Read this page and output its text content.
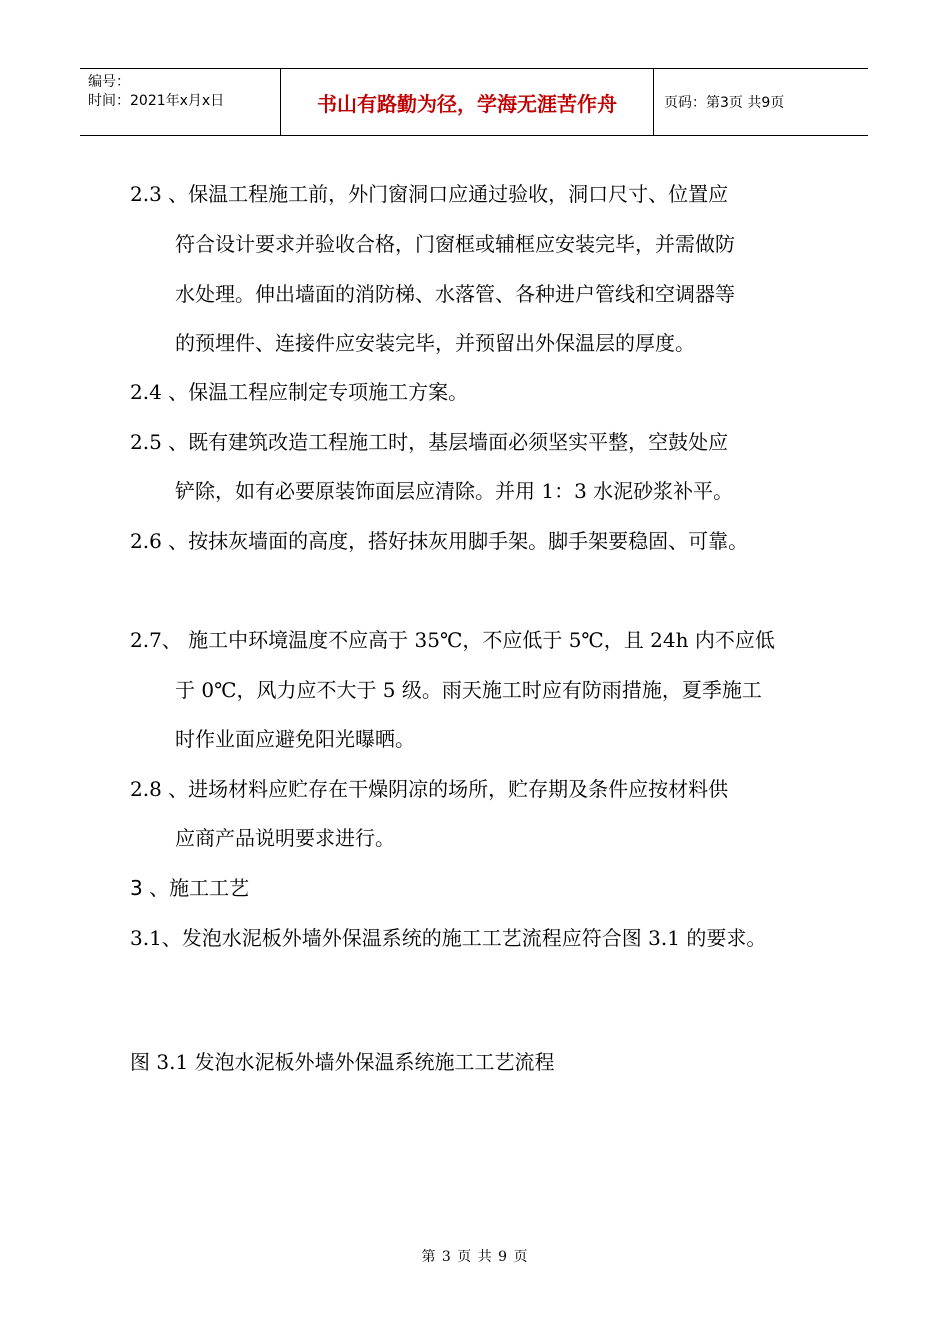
编号：
时间：2021年x月x日	书山有路勤为径，学海无涯苦作舟	页码：第3页 共9页
2.3 、保温工程施工前，外门窗洞口应通过验收，洞口尺寸、位置应
符合设计要求并验收合格，门窗框或辅框应安装完毕，并需做防
水处理。伸出墙面的消防梯、水落管、各种进户管线和空调器等
的预埋件、连接件应安装完毕，并预留出外保温层的厚度。
2.4 、保温工程应制定专项施工方案。
2.5 、既有建筑改造工程施工时，基层墙面必须坚实平整，空鼓处应
铲除，如有必要原装饰面层应清除。并用 1：3 水泥砂浆补平。
2.6 、按抹灰墙面的高度，搭好抹灰用脚手架。脚手架要稳固、可靠。
2.7、 施工中环境温度不应高于 35℃，不应低于 5℃，且 24h 内不应低
于 0℃，风力应不大于 5 级。雨天施工时应有防雨措施，夏季施工
时作业面应避免阳光曝晒。
2.8 、进场材料应贮存在干燥阴凉的场所，贮存期及条件应按材料供
应商产品说明要求进行。
3 、施工工艺
3.1、发泡水泥板外墙外保温系统的施工工艺流程应符合图 3.1 的要求。
图 3.1 发泡水泥板外墙外保温系统施工工艺流程
第 3 页 共 9 页
